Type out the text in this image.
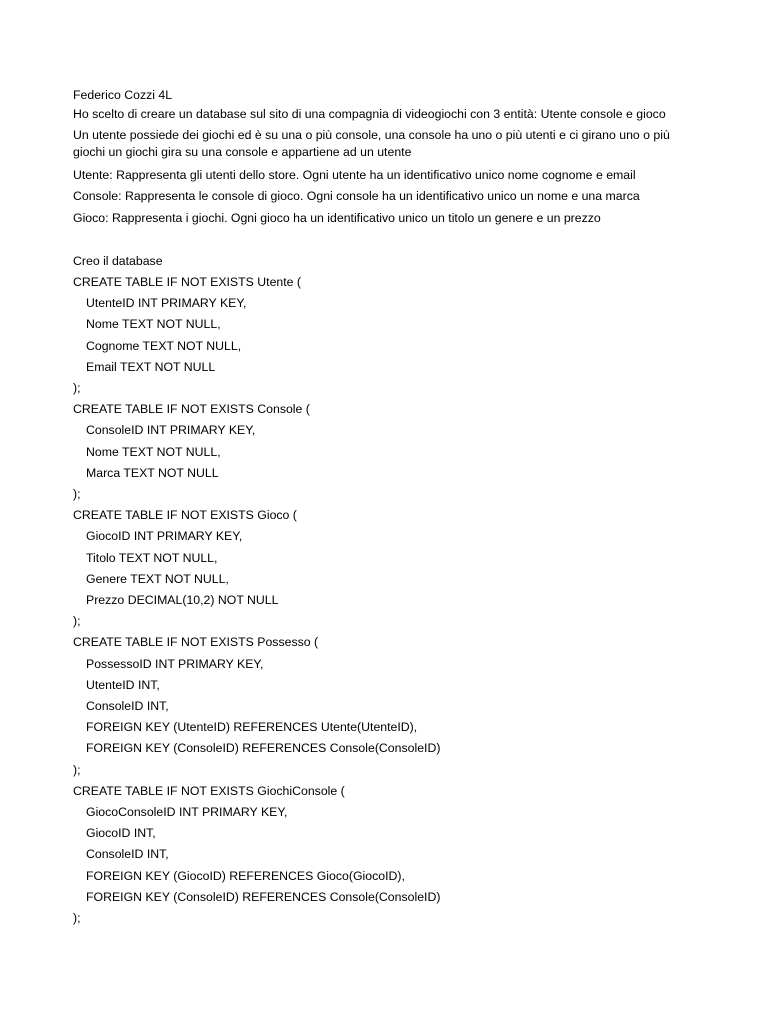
Federico Cozzi 4L

Ho scelto di creare un database sul sito di una compagnia di videogiochi con 3 entità: Utente console e gioco

Un utente possiede dei giochi ed è su una o più console, una console ha uno o più utenti e ci girano uno o più giochi un giochi gira su una console e appartiene ad un utente

Utente: Rappresenta gli utenti dello store. Ogni utente ha un identificativo unico nome cognome e email

Console: Rappresenta le console di gioco. Ogni console ha un identificativo unico un nome e una marca

Gioco: Rappresenta i giochi. Ogni gioco ha un identificativo unico un titolo un genere e un prezzo

Creo il database

CREATE TABLE IF NOT EXISTS Utente (
UtenteID INT PRIMARY KEY,
Nome TEXT NOT NULL,
Cognome TEXT NOT NULL,
Email TEXT NOT NULL
);
CREATE TABLE IF NOT EXISTS Console (
ConsoleID INT PRIMARY KEY,
Nome TEXT NOT NULL,
Marca TEXT NOT NULL
);
CREATE TABLE IF NOT EXISTS Gioco (
GiocoID INT PRIMARY KEY,
Titolo TEXT NOT NULL,
Genere TEXT NOT NULL,
Prezzo DECIMAL(10,2) NOT NULL
);
CREATE TABLE IF NOT EXISTS Possesso (
PossessoID INT PRIMARY KEY,
UtenteID INT,
ConsoleID INT,
FOREIGN KEY (UtenteID) REFERENCES Utente(UtenteID),
FOREIGN KEY (ConsoleID) REFERENCES Console(ConsoleID)
);
CREATE TABLE IF NOT EXISTS GiochiConsole (
GiocoConsoleID INT PRIMARY KEY,
GiocoID INT,
ConsoleID INT,
FOREIGN KEY (GiocoID) REFERENCES Gioco(GiocoID),
FOREIGN KEY (ConsoleID) REFERENCES Console(ConsoleID)
);
